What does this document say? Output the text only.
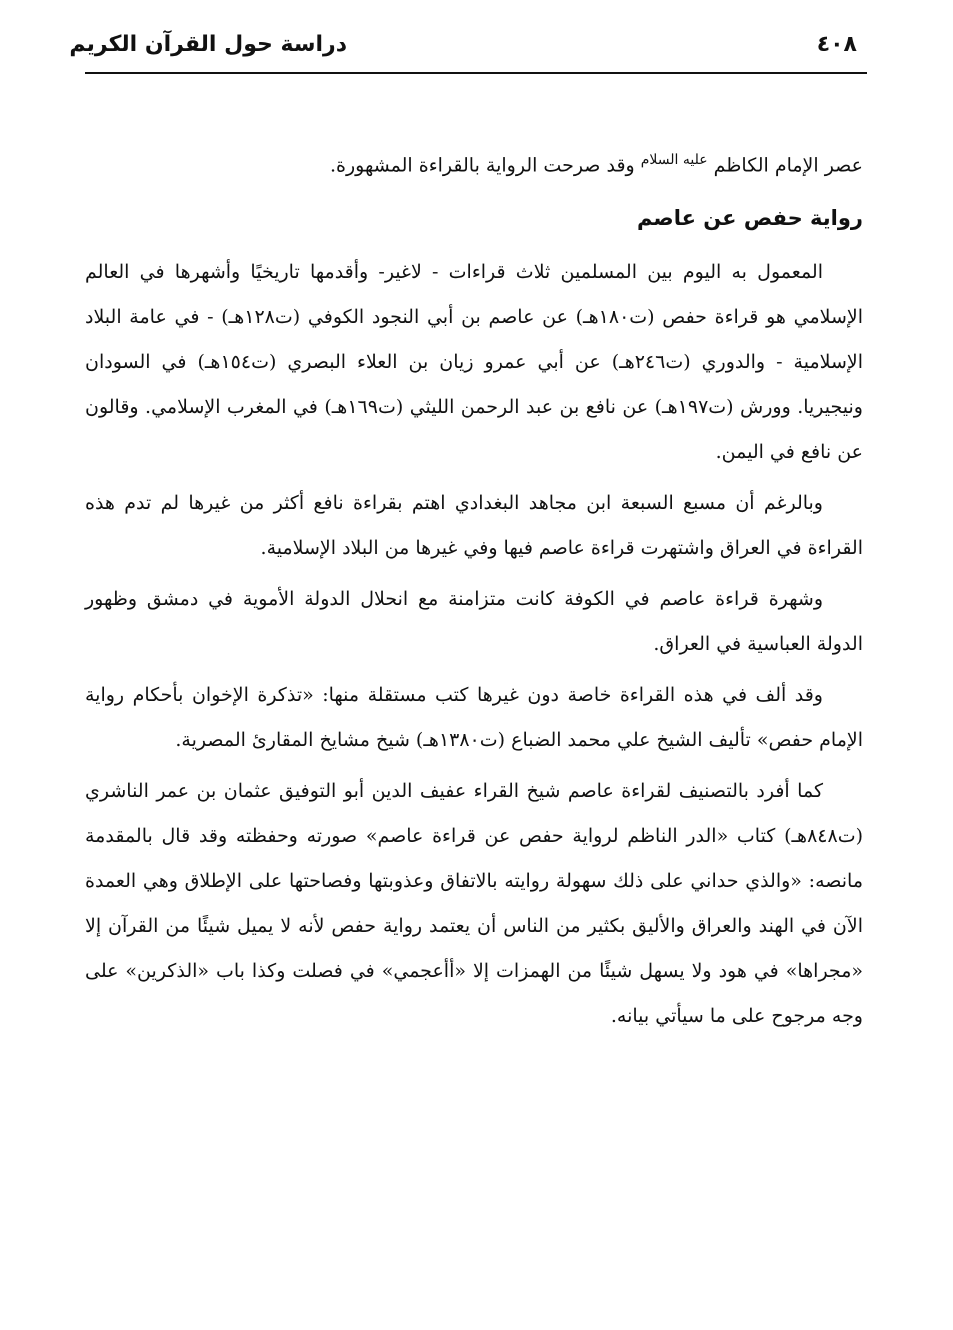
٤٠٨
دراسة حول القرآن الكريم

عصر الإمام الكاظم $^{عليه السلام}$ وقد صرحت الرواية بالقراءة المشهورة.

رواية حفص عن عاصم

المعمول به اليوم بين المسلمين ثلاث قراءات - لاغير- وأقدمها تاريخيًا وأشهرها في العالم الإسلامي هو قراءة حفص (ت١٨٠هـ) عن عاصم بن أبي النجود الكوفي (ت١٢٨هـ) - في عامة البلاد الإسلامية - والدوري (ت٢٤٦هـ) عن أبي عمرو زيان بن العلاء البصري (ت١٥٤هـ) في السودان ونيجيريا. وورش (ت١٩٧هـ) عن نافع بن عبد الرحمن الليثي (ت١٦٩هـ) في المغرب الإسلامي. وقالون عن نافع في اليمن.

وبالرغم أن مسبع السبعة ابن مجاهد البغدادي اهتم بقراءة نافع أكثر من غيرها لم تدم هذه القراءة في العراق واشتهرت قراءة عاصم فيها وفي غيرها من البلاد الإسلامية.

وشهرة قراءة عاصم في الكوفة كانت متزامنة مع انحلال الدولة الأموية في دمشق وظهور الدولة العباسية في العراق.

وقد ألف في هذه القراءة خاصة دون غيرها كتب مستقلة منها: «تذكرة الإخوان بأحكام رواية الإمام حفص» تأليف الشيخ علي محمد الضباع (ت١٣٨٠هـ) شيخ مشايخ المقارئ المصرية.

كما أفرد بالتصنيف لقراءة عاصم شيخ القراء عفيف الدين أبو التوفيق عثمان بن عمر الناشري (ت٨٤٨هـ) كتاب «الدر الناظم لرواية حفص عن قراءة عاصم» صورته وحفظته وقد قال بالمقدمة مانصه: «والذي حداني على ذلك سهولة روايته بالاتفاق وعذوبتها وفصاحتها على الإطلاق وهي العمدة الآن في الهند والعراق والأليق بكثير من الناس أن يعتمد رواية حفص لأنه لا يميل شيئًا من القرآن إلا «مجراها» في هود ولا يسهل شيئًا من الهمزات إلا «أأعجمي» في فصلت وكذا باب «الذكرين» على وجه مرجوح على ما سيأتي بيانه.
